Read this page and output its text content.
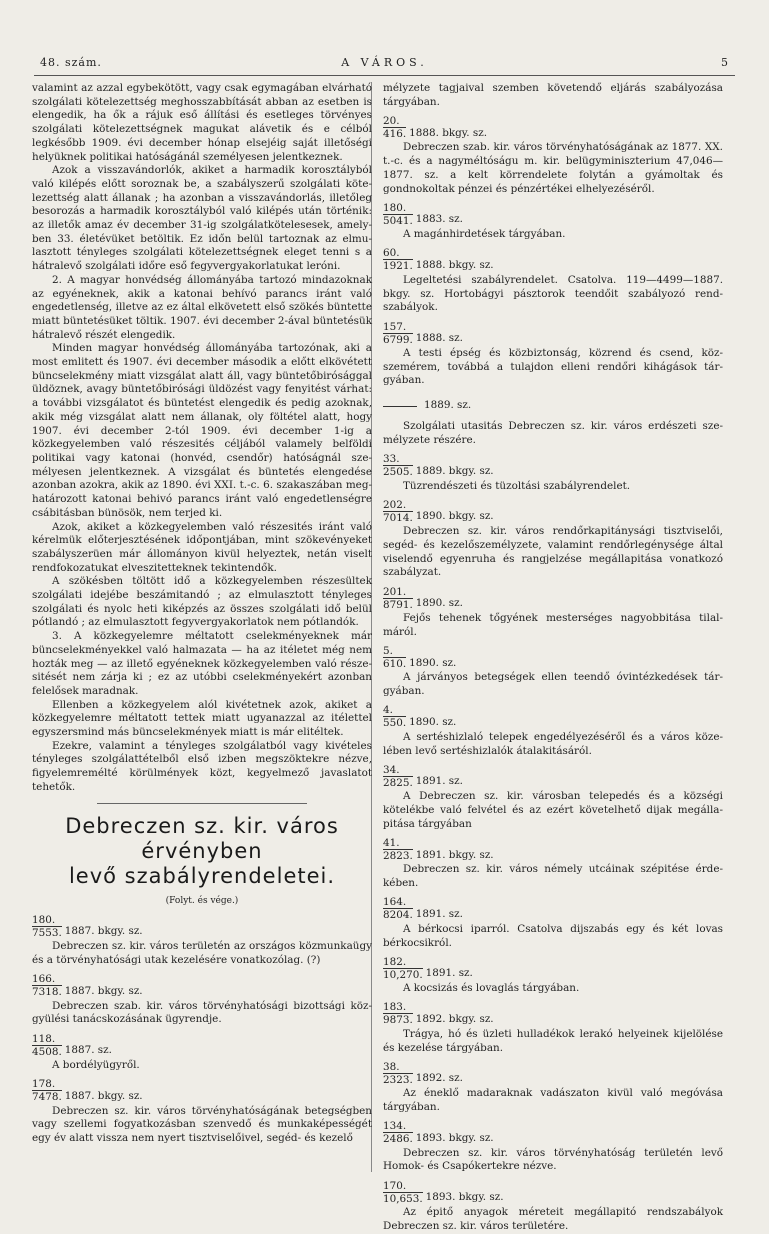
48. szám.	A VÁROS.	5

valamint az azzal egybekötött, vagy csak egymagában elvárható szolgálati kötelezettség meghosszabbítását abban az esetben is elengedik, ha ők a rájuk eső állítási és esetleges törvényes szolgálati kötelezettségnek magukat alávetik és e célból legkésőbb 1909. évi december hónap elsejéig saját illetőségi helyüknek politikai hatóságánál személyesen jelentkeznek.

Azok a visszavándorlók, akiket a harmadik korosztályból való kilépés előtt soroznak be, a szabályszerű szolgálati kötelezettség alatt állanak ; ha azonban a visszavándorlás, illetőleg besorozás a harmadik korosztályból való kilépés után történik: az illetők amaz év december 31-ig szolgálatkötelesesek, amelyben 33. életévüket betöltik. Ez időn belül tartoznak az elmulasztott tényleges szolgálati kötelezettségnek eleget tenni s a hátralevő szolgálati időre eső fegyvergyakorlatukat leróni.

2. A magyar honvédség állományába tartozó mindazoknak az egyéneknek, akik a katonai behívó parancs iránt való engedetlenség, illetve az ez által elkövetett első szökés büntette miatt büntetésüket töltik. 1907. évi december 2-ával büntetésük hátralevő részét elengedik.

Minden magyar honvédség állományába tartozónak, aki a most emlitett és 1907. évi december második a előtt elkövétett büncselekmény miatt vizsgálat alatt áll, vagy büntetőbirósággal üldöznek, avagy büntetőbirósági üldözést vagy fenyitést várhat: a további vizsgálatot és büntetést elengedik és pedig azoknak, akik még vizsgálat alatt nem állanak, oly föltétel alatt, hogy 1907. évi december 2-tól 1909. évi december 1-ig a közkegyelemben való részesités céljából valamely belföldi politikai vagy katonai (honvéd, csendőr) hatóságnál személyesen jelentkeznek. A vizsgálat és büntetés elengedése azonban azokra, akik az 1890. évi XXI. t.-c. 6. szakaszában meghatározott katonai behivó parancs iránt való engedetlenségre csábitásban bünösök, nem terjed ki.

Azok, akiket a közkegyelemben való részesités iránt való kérelmük előterjesztésének időpontjában, mint szökevényeket szabályszerüen már állományon kivül helyeztek, netán viselt rendfokozatukat elveszitetteknek tekintendők.

A szökésben töltött idő a közkegyelemben részesültek szolgálati idejébe beszámitandó ; az elmulasztott tényleges szolgálati és nyolc heti kiképzés az összes szolgálati idő belül pótlandó ; az elmulasztott fegyvergyakorlatok nem pótlandók.

3. A közkegyelemre méltatott cselekményeknek már büncselekményekkel való halmazata — ha az itéletet még nem hozták meg — az illető egyéneknek közkegyelemben való részesitését nem zárja ki ; ez az utóbbi cselekményekért azonban felelősek maradnak.

Ellenben a közkegyelem alól kivétetnek azok, akiket a közkegyelemre méltatott tettek miatt ugyanazzal az itélettel egyszersmind más büncselekmények miatt is már elitéltek.

Ezekre, valamint a tényleges szolgálatból vagy kivételes tényleges szolgálattételből első izben megszöktekre nézve, figyelemremélté körülmények közt, kegyelmező javaslatot tehetők.

Debreczen sz. kir. város érvényben
levő szabályrendeletei.
(Folyt. és vége.)
$\frac{180.}{7553.} 1887$. bkgy. sz.

Debreczen sz. kir. város területén az országos közmunkaügy és a törvényhatósági utak kezelésére vonatkozólag. (?)

$\frac{166.}{7318.} 1887$. bkgy. sz.

Debreczen szab. kir. város törvényhatósági bizottsági közgyülési tanácskozásának ügyrendje.

$\frac{118.}{4508.} 1887$. sz.

A bordélyügyről.

$\frac{178.}{7478.} 1887$. bkgy. sz.

Debreczen sz. kir. város törvényhatóságának betegségben vagy szellemi fogyatkozásban szenvedő és munkaképességét egy év alatt vissza nem nyert tisztviselőivel, segéd- és kezelő

mélyzete tagjaival szemben követendő eljárás szabályozása tárgyában.

$\frac{20.}{416.} 1888$. bkgy. sz.

Debreczen szab. kir. város törvényhatóságának az 1877. XX. t.-c. és a nagyméltóságu m. kir. belügyminiszterium 47,046—1877. sz. a kelt körrendelete folytán a gyámoltak és gondnokoltak pénzei és pénzértékei elhelyezéséről.

$\frac{180.}{5041.} 1883$. sz.

A magánhirdetések tárgyában.

$\frac{60.}{1921.} 1888$. bkgy. sz.

Legeltetési szabályrendelet. Csatolva. 119—4499—1887. bkgy. sz. Hortobágyi pásztorok teendőit szabályozó rendszabályok.

$\frac{157.}{6799.} 1888$. sz.

A testi épség és közbiztonság, közrend és csend, közszemérem, továbbá a tulajdon elleni rendőri kihágások tárgyában.

1889. sz.

Szolgálati utasitás Debreczen sz. kir. város erdészeti személyzete részére.

$\frac{33.}{2505.} 1889$. bkgy. sz.

Tüzrendészeti és tüzoltási szabályrendelet.

$\frac{202.}{7014.} 1890$. bkgy. sz.

Debreczen sz. kir. város rendőrkapitánysági tisztviselői, segéd- és kezelőszemélyzete, valamint rendőrlegénysége által viselendő egyenruha és rangjelzése megállapitása vonatkozó szabályzat.

$\frac{201.}{8791.} 1890$. sz.

Fejős tehenek tőgyének mesterséges nagyobbitása tilalmáról.

$\frac{5.}{610.} 1890$. sz.

A járványos betegségek ellen teendő óvintézkedések tárgyában.

$\frac{4.}{550.} 1890$. sz.

A sertéshizlaló telepek engedélyezéséről és a város közelében levő sertéshizlalók átalakitásáról.

$\frac{34.}{2825.} 1891$. sz.

A Debreczen sz. kir. városban telepedés és a községi kötelékbe való felvétel és az ezért követelhető dijak megállapitása tárgyában

$\frac{41.}{2823.} 1891$. bkgy. sz.

Debreczen sz. kir. város némely utcáinak szépitése érdekében.

$\frac{164.}{8204.} 1891$. sz.

A bérkocsi iparról. Csatolva dijszabás egy és két lovas bérkocsikról.

$\frac{182.}{10,270.} 1891$. sz.

A kocsizás és lovaglás tárgyában.

$\frac{183.}{9873.} 1892$. bkgy. sz.

Trágya, hó és üzleti hulladékok lerakó helyeinek kijelölése és kezelése tárgyában.

$\frac{38.}{2323.} 1892$. sz.

Az éneklő madaraknak vadászaton kivül való megóvása tárgyában.

$\frac{134.}{2486.} 1893$. bkgy. sz.

Debreczen sz. kir. város törvényhatóság területén levő Homok- és Csapókertekre nézve.

$\frac{170.}{10,653.} 1893$. bkgy. sz.

Az épitő anyagok méreteit megállapitó rendszabályok Debreczen sz. kir. város területére.
